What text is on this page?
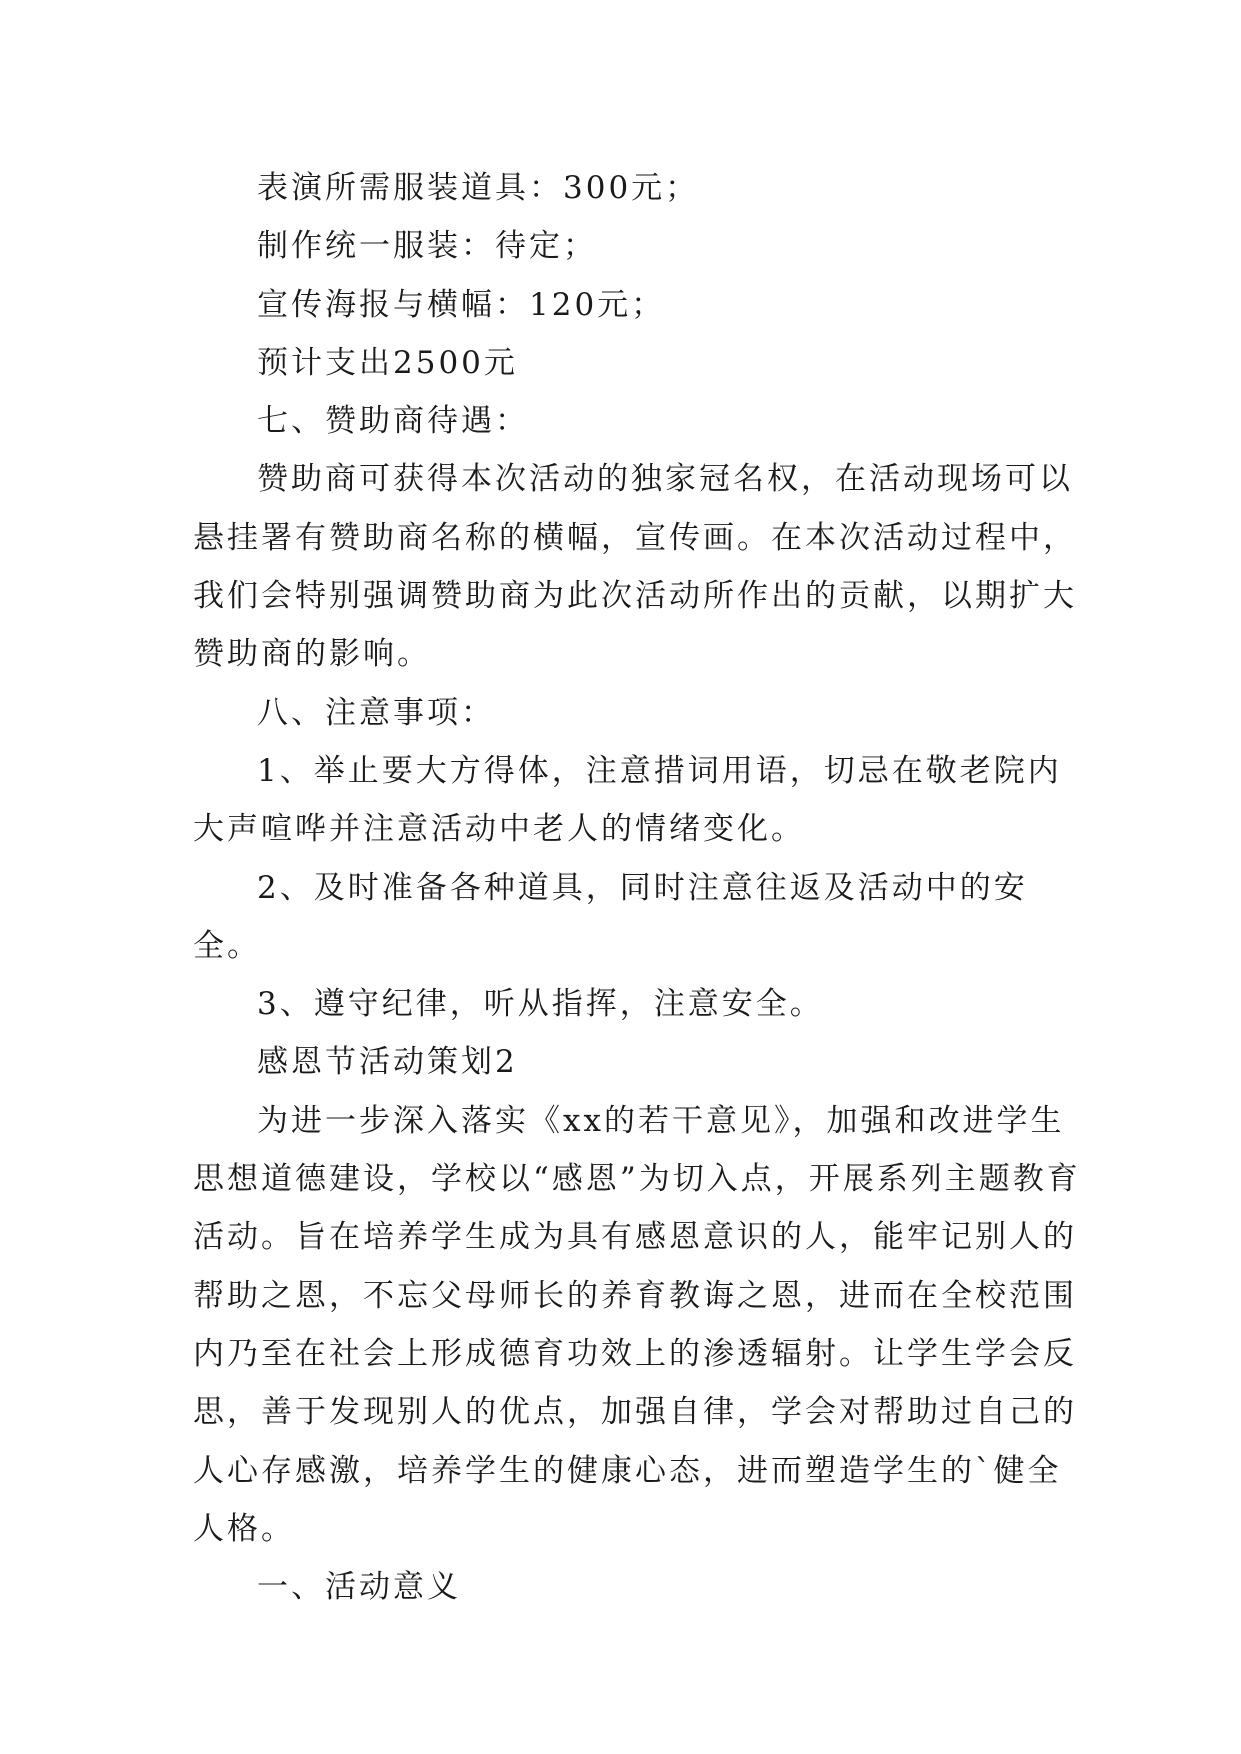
表演所需服装道具：300元；

制作统一服装：待定；

宣传海报与横幅：120元；

预计支出2500元

七、赞助商待遇：

赞助商可获得本次活动的独家冠名权，在活动现场可以悬挂署有赞助商名称的横幅，宣传画。在本次活动过程中，我们会特别强调赞助商为此次活动所作出的贡献，以期扩大赞助商的影响。

八、注意事项：

1、举止要大方得体，注意措词用语，切忌在敬老院内大声喧哗并注意活动中老人的情绪变化。

2、及时准备各种道具，同时注意往返及活动中的安全。

3、遵守纪律，听从指挥，注意安全。

感恩节活动策划2

为进一步深入落实《xx的若干意见》，加强和改进学生思想道德建设，学校以“感恩”为切入点，开展系列主题教育活动。旨在培养学生成为具有感恩意识的人，能牢记别人的帮助之恩，不忘父母师长的养育教诲之恩，进而在全校范围内乃至在社会上形成德育功效上的渗透辐射。让学生学会反思，善于发现别人的优点，加强自律，学会对帮助过自己的人心存感激，培养学生的健康心态，进而塑造学生的`健全人格。

一、活动意义
